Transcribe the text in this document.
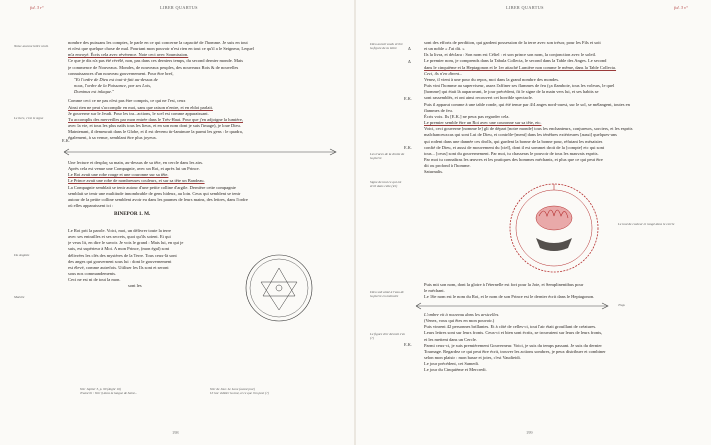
fol. 3 r°	LIBER QUARTUS
Nota: aucune lettre veult.
Le tiers, c'est le signe
Du Anglais
Maistre
E.K.
nombre des puissans les comptes, le parle en ce qui concerne la capacité de l'homme. Je suis en tout
et n'est que quelque chose de mal. Pourtant mon pouvoir n'est rien en tout ce qu'il a le Seigneur, Lequel
m'a envoyé. Écris cela avec révérence. Note ceci avec Soumission.
Ce que je dis n'a pas été révélé, non, pas dans ces derniers temps, du second dernier monde. Mais
je commence de Nouveaux. Mondes, de nouveaux peuples, des nouveaux Rois & de nouvelles
connaissances d'un nouveau gouvernement. Pour être bref,
"Et l'ordre de Dieu est tout-à-fait au-dessus de
nous, l'ordre de la Puissance, par ses Lois,
Dominus est inlaque."
Comme ceci ce ne pas n'est pas être compris, ce qui ne l'est, ceux
Ainsi rien ne peut s'accomplir en moi, sans que raison n'entre, et en ebloi parlait.
Je gouverne sur le Jeudi. Pour les tra...actions, le scel est comme apparaissant.
Tu accomplis des merveilles par mon entrée dans le Très-Haut. Pour que j'en adjoigne la lumière,
avec la vie, et tous les plus naïfs tous les lieux, et en son nom dont je suis l'image), je loue Dieu.
Maintenant, il demeurait dans le Globe, et il est devenu tir-laminure la parmi les gens : le quadra,
également, à sa venue, semblant être plus joyeux.
Une lecture et desplaç sa main, au-dessus de sa tête, en cercle dans les airs.
Après cela est venue une Compagnie, avec un Roi, et après lui un Prince.
Le Roi avait une robe rouge et une couronne sur sa tête.
Le Prince avait une robe de nombreuses couleurs, et sur sa tête un Bandeau.
La Compagnie semblait se tenir autour d'une petite colline d'argile. Dernière cette compagnie
semblait se tenir une multitude innombrable de gens hideux, au loin. Ceux qui semblent se tenir
autour de la petite colline semblent avoir eu dans les paumes de leurs mains, des lettres, dans l'ordre
où elles apparaissent ici :
BINEPOR 1. M.
Le Roi prit la parole. Voici, moi, un délivrer toute la terre
avec ses entrailles et ses secrets, quoi qu'ils soient. Et qui
je veux lit, en dire le savoir. Je vois le grand : Mais lui, en qui je
suis, est supérieur à Moi. A mon Prince, (mon égal) sont
délivrées les clés des mystères de la Terre. Tous ceux-là sont
des anges qui gouvernent sous lui : dont le gouvernement
est élevé, comme autrefois. Utiliser les Ils sont et seront
sous nos commandements.
Ceci ne est ni de tout la mon.
sont les
Voir Jupiter 3, p. 90 (Alghr 16)
Transcrit : Voir § dans la langue de Saint...
Voir de Jour. Le Lune (avant jour)
Ut hoc viditter la tout, et ce que l'on peut (?)
198
LIBER QUARTUS	fol. 3 v°
Dieu aurait voulu écrire la figure de la lettre
Les traces de la droite de la pierre
Signe de tout ce qui est écrit dans cette (ici)
Dieu soit aimé à l'eau de la pierre en mémoire
Le figure d'or devrait s'en (?)
Δ
Δ
E.K.
E.K.
E.K.
sont des efforts de perdition, qui gardent possession de la terre avec son trésor, pour les Fils et soit
et un noble « J'ai dit. »
Ils la livra, et déclara : Son nom est Céliel : et son prince son nom, la conjonction avec le soleil.
Le premier nom, je comprends dans la Tabula Collecta, le second dans la Table des Anges. Le second
dans le cinquième et la Heptagonon et le 1er attaché Lumière non comme le même, dans la Table Collecta.
Ceci, ils n'en dirent...
Venez, il vient à une pour du repos, moi dans la grand nombre des mondes.
Puis vint l'homme au superviseur, assez l'affiner ses flammes de feu (ça flamboie, tous les voleurs, le quel
[homme] qui était là auparavant, le jour précédent, fit le signe de la main vers lui, et ses habits se
sont rassemblés, et ont ainsi recouvert cet horrible spectacle.
Puis il apparut comme à une table ronde, qui été tenue par 4/4 anges nord-ouest, sur le sol, se mélangent, toutes en
flammes de feu.
Écris voix. Ils [E.K.] ne peux pas regarder cela.
Le premier semble être un Roi avec une couronne sur sa tête, etc.
Voici, ceci gouverne [nomme le] gli de départ [notre monde] tous les enchanteurs, conjureurs, sorciers, et les esprits
malchanceuxcas qui sont Lui de Dieu, et contrôle-[ment] dans les ténèbres extérieures [aussi] quelques-uns
qui rodent dans une dannée ces drolls, qui gardent la bonne de la bonne pour, réfutant les mésaisies
confié de Dieu, et aussi de mouvement du [ciel], dont il est sommet droit de la [compte] etc qui sont
tous... [ceux] sont du gouvernement. Par moi, tu chasseras le pouvoir de tous les mauvais esprits.
Par moi tu connaîtras les œuvres et les pratiques des hommes méchants, et plus que ce qui peut être
dit ou profond à l'homme.
Saturnalis.
Le tout de couleur et rangé dans le cercle
Puis mit son nom, dont la gloire à l'éternelle est fort pour la Joie, et Semplinentibus pour
le méchant.
Le 16e nom est le nom du Roi, et le nom de son Prince est le dernier écrit dans le Heptagonon.
Trap.
L'ombre vit à nouveau dans les arsicelles.
(Venez, vous qui êtes en mon pouvoir.)
Puis vinrent 42 personnes brillantes. Et à côté de celles-ci, tout l'air était grouillant de créatures.
Leurs lettres sont sur leurs fronts. Ceux-ci et bien sont écrits, se trouvaient sur leurs de leurs fronts,
et les mettent dans un Cercle.
Parmi ceux-ci, je suis premièrement Gouverneur. Voici, je suis du temps passant. Je suis du dernier
Tournage. Regardez ce qui peut être écrit, trouver les actions sombres, je peux distribuer et combiner
selon mon plaisir : mon basse et joies, c'est Vaudieidi.
Le jour précédent, cet Samedi.
Le jour du Cinquième et Mercredi.
199
